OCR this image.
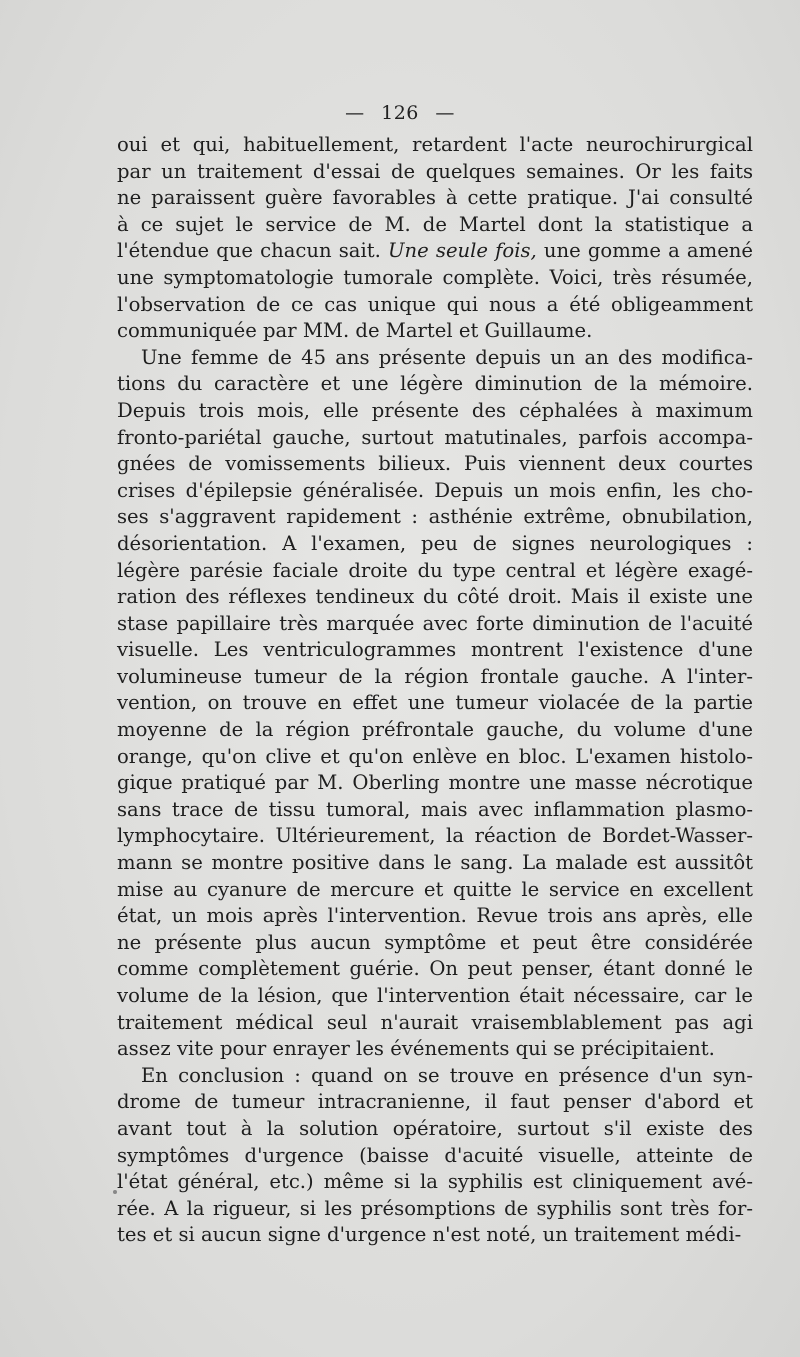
— 126 —
oui et qui, habituellement, retardent l'acte neurochirurgical
par un traitement d'essai de quelques semaines. Or les faits
ne paraissent guère favorables à cette pratique. J'ai consulté
à ce sujet le service de M. de Martel dont la statistique a
l'étendue que chacun sait. Une seule fois, une gomme a amené
une symptomatologie tumorale complète. Voici, très résumée,
l'observation de ce cas unique qui nous a été obligeamment
communiquée par MM. de Martel et Guillaume.
Une femme de 45 ans présente depuis un an des modifica-
tions du caractère et une légère diminution de la mémoire.
Depuis trois mois, elle présente des céphalées à maximum
fronto-pariétal gauche, surtout matutinales, parfois accompa-
gnées de vomissements bilieux. Puis viennent deux courtes
crises d'épilepsie généralisée. Depuis un mois enfin, les cho-
ses s'aggravent rapidement : asthénie extrême, obnubilation,
désorientation. A l'examen, peu de signes neurologiques :
légère parésie faciale droite du type central et légère exagé-
ration des réflexes tendineux du côté droit. Mais il existe une
stase papillaire très marquée avec forte diminution de l'acuité
visuelle. Les ventriculogrammes montrent l'existence d'une
volumineuse tumeur de la région frontale gauche. A l'inter-
vention, on trouve en effet une tumeur violacée de la partie
moyenne de la région préfrontale gauche, du volume d'une
orange, qu'on clive et qu'on enlève en bloc. L'examen histolo-
gique pratiqué par M. Oberling montre une masse nécrotique
sans trace de tissu tumoral, mais avec inflammation plasmo-
lymphocytaire. Ultérieurement, la réaction de Bordet-Wasser-
mann se montre positive dans le sang. La malade est aussitôt
mise au cyanure de mercure et quitte le service en excellent
état, un mois après l'intervention. Revue trois ans après, elle
ne présente plus aucun symptôme et peut être considérée
comme complètement guérie. On peut penser, étant donné le
volume de la lésion, que l'intervention était nécessaire, car le
traitement médical seul n'aurait vraisemblablement pas agi
assez vite pour enrayer les événements qui se précipitaient.
En conclusion : quand on se trouve en présence d'un syn-
drome de tumeur intracranienne, il faut penser d'abord et
avant tout à la solution opératoire, surtout s'il existe des
symptômes d'urgence (baisse d'acuité visuelle, atteinte de
l'état général, etc.) même si la syphilis est cliniquement avé-
rée. A la rigueur, si les présomptions de syphilis sont très for-
tes et si aucun signe d'urgence n'est noté, un traitement médi-
